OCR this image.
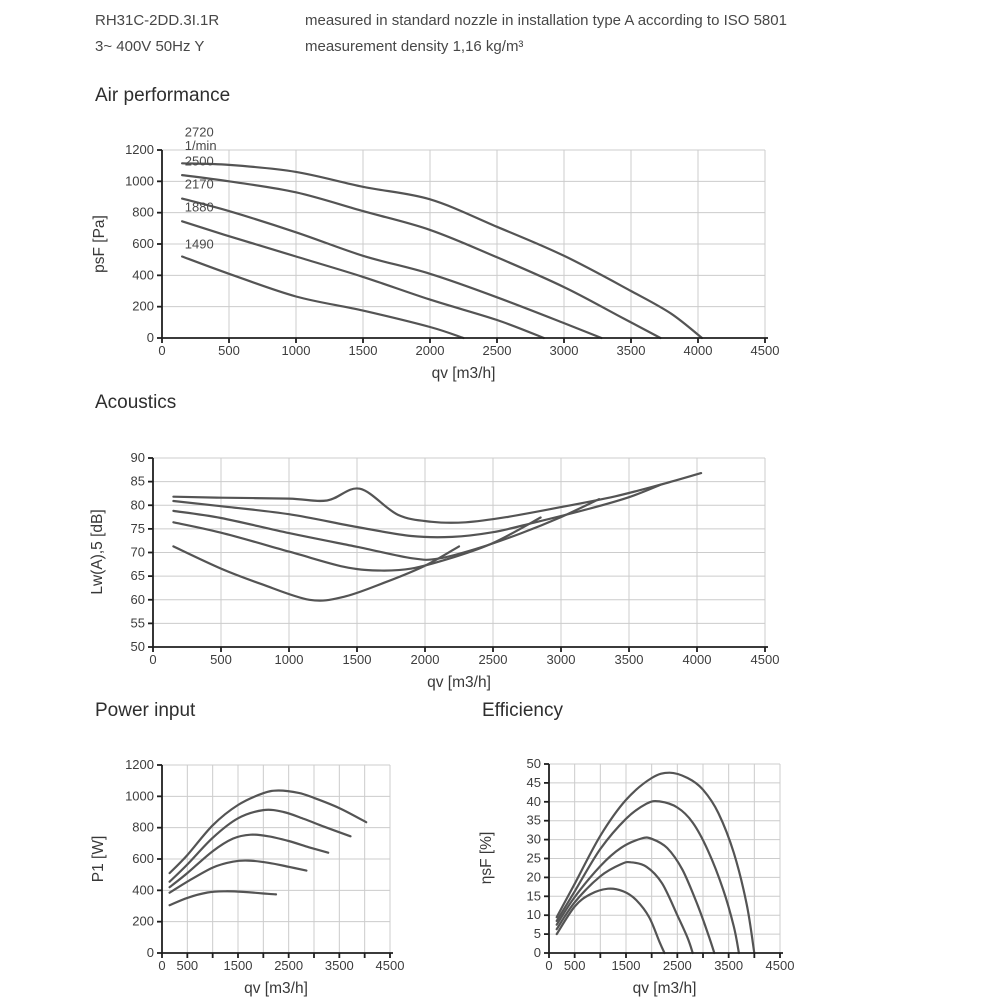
RH31C-2DD.3I.1R
3~ 400V 50Hz Y
measured in standard nozzle in installation type A according to ISO 5801
measurement density 1,16 kg/m³
Air performance
Acoustics
Power input	Efficiency
0	500	1000	1500	2000	2500	3000	3500	4000	4500
0
200
400
600
800
1000
1200
qv [m3/h]
psF [Pa]
2720
1/min
2500
2170
1880
1490
0	500	1000	1500	2000	2500	3000	3500	4000	4500
50
55
60
65
70
75
80
85
90
qv [m3/h]
Lw(A),5 [dB]
0 500 1500 2500 3500 4500
0
200
400
600
800
1000
1200
qv [m3/h]
P1 [W]
0 500 1500 2500 3500 4500
0
5
10
15
20
25
30
35
40
45
50
qv [m3/h]
ηsF [%]
